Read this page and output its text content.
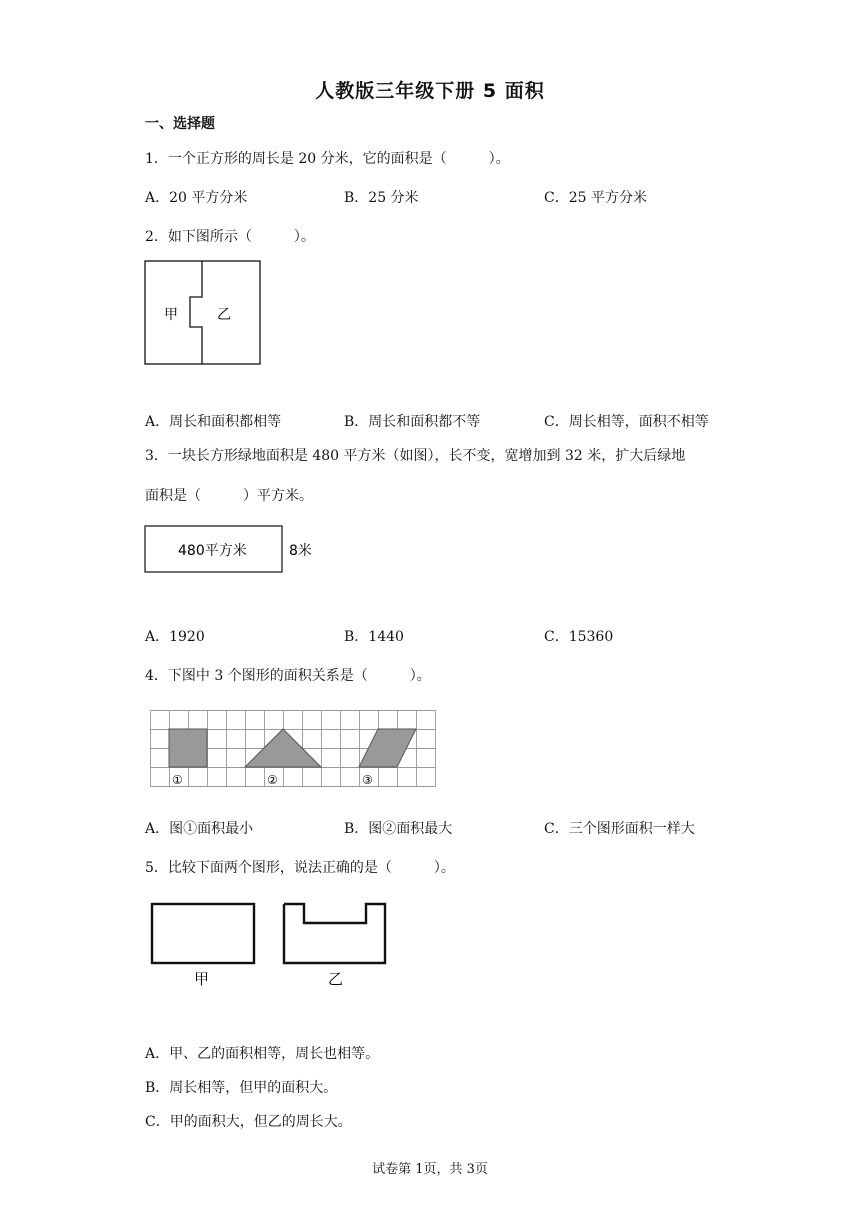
人教版三年级下册 5 面积
一、选择题
1．一个正方形的周长是 20 分米，它的面积是（　　　）。
A．20 平方分米	B．25 分米	C．25 平方分米
2．如下图所示（　　　）。
甲	乙
A．周长和面积都相等	B．周长和面积都不等	C．周长相等，面积不相等
3．一块长方形绿地面积是 480 平方米（如图），长不变，宽增加到 32 米，扩大后绿地
面积是（　　　）平方米。
480平方米	8米
A．1920	B．1440	C．15360
4．下图中 3 个图形的面积关系是（　　　）。
①	②	③
A．图①面积最小	B．图②面积最大	C．三个图形面积一样大
5．比较下面两个图形，说法正确的是（　　　）。
甲	乙
A．甲、乙的面积相等，周长也相等。
B．周长相等，但甲的面积大。
C．甲的面积大，但乙的周长大。
试卷第 1页，共 3页
